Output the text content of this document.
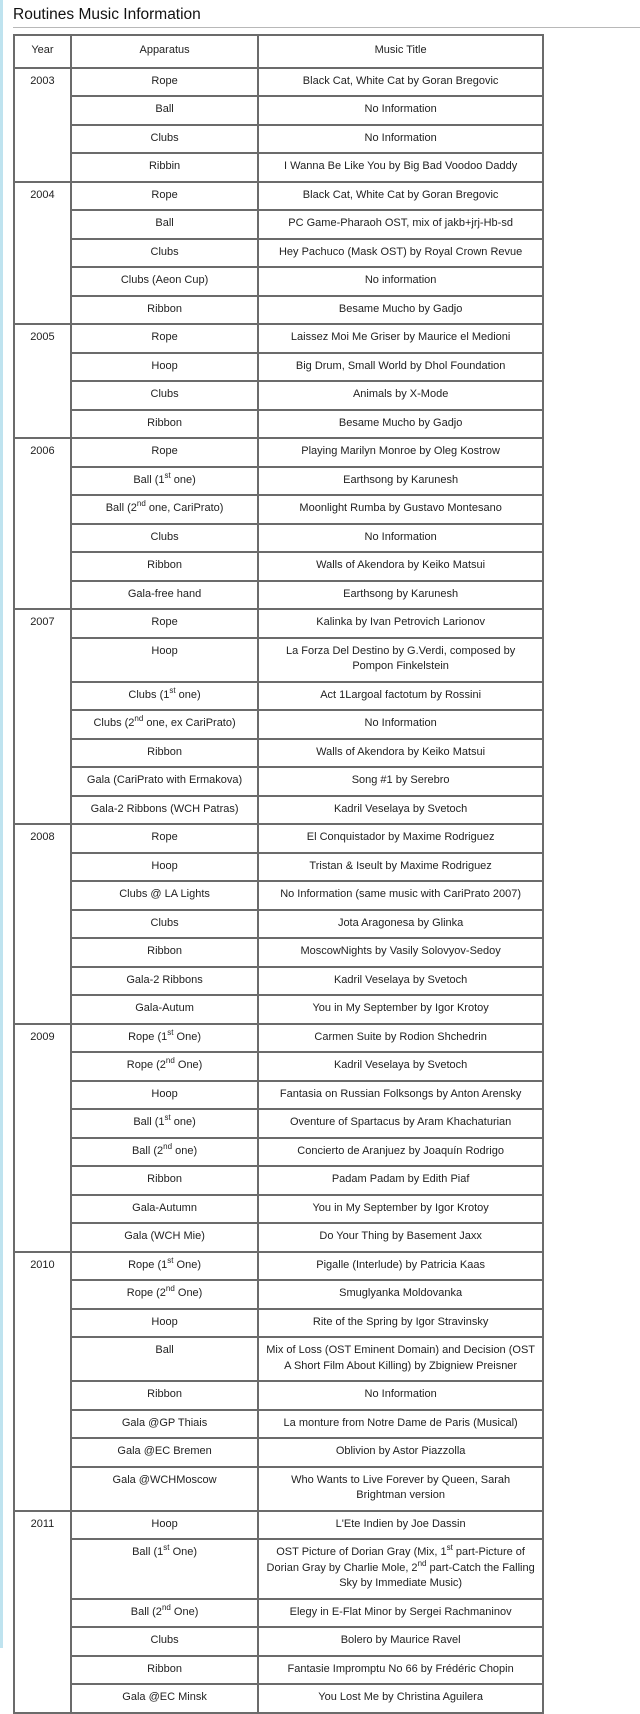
Routines Music Information
Year	Apparatus	Music Title
2003	Rope	Black Cat, White Cat by Goran Bregovic
	Ball	No Information
	Clubs	No Information
	Ribbin	I Wanna Be Like You by Big Bad Voodoo Daddy
2004	Rope	Black Cat, White Cat by Goran Bregovic
	Ball	PC Game-Pharaoh OST, mix of jakb+jrj-Hb-sd
	Clubs	Hey Pachuco (Mask OST) by Royal Crown Revue
	Clubs (Aeon Cup)	No information
	Ribbon	Besame Mucho by Gadjo
2005	Rope	Laissez Moi Me Griser by Maurice el Medioni
	Hoop	Big Drum, Small World by Dhol Foundation
	Clubs	Animals by X-Mode
	Ribbon	Besame Mucho by Gadjo
2006	Rope	Playing Marilyn Monroe by Oleg Kostrow
	Ball (1st one)	Earthsong by Karunesh
	Ball (2nd one, CariPrato)	Moonlight Rumba by Gustavo Montesano
	Clubs	No Information
	Ribbon	Walls of Akendora by Keiko Matsui
	Gala-free hand	Earthsong by Karunesh
2007	Rope	Kalinka by Ivan Petrovich Larionov
	Hoop	La Forza Del Destino by G.Verdi, composed by Pompon Finkelstein
	Clubs (1st one)	Act 1Largoal factotum by Rossini
	Clubs (2nd one, ex CariPrato)	No Information
	Ribbon	Walls of Akendora by Keiko Matsui
	Gala (CariPrato with Ermakova)	Song #1 by Serebro
	Gala-2 Ribbons (WCH Patras)	Kadril Veselaya by Svetoch
2008	Rope	El Conquistador by Maxime Rodriguez
	Hoop	Tristan & Iseult by Maxime Rodriguez
	Clubs @ LA Lights	No Information (same music with CariPrato 2007)
	Clubs	Jota Aragonesa by Glinka
	Ribbon	MoscowNights by Vasily Solovyov-Sedoy
	Gala-2 Ribbons	Kadril Veselaya by Svetoch
	Gala-Autum	You in My September by Igor Krotoy
2009	Rope (1st One)	Carmen Suite by Rodion Shchedrin
	Rope (2nd One)	Kadril Veselaya by Svetoch
	Hoop	Fantasia on Russian Folksongs by Anton Arensky
	Ball (1st one)	Oventure of Spartacus by Aram Khachaturian
	Ball (2nd one)	Concierto de Aranjuez by Joaquín Rodrigo
	Ribbon	Padam Padam by Edith Piaf
	Gala-Autumn	You in My September by Igor Krotoy
	Gala (WCH Mie)	Do Your Thing by Basement Jaxx
2010	Rope (1st One)	Pigalle (Interlude) by Patricia Kaas
	Rope (2nd One)	Smuglyanka Moldovanka
	Hoop	Rite of the Spring by Igor Stravinsky
	Ball	Mix of Loss (OST Eminent Domain) and Decision (OST A Short Film About Killing) by Zbigniew Preisner
	Ribbon	No Information
	Gala @GP Thiais	La monture from Notre Dame de Paris (Musical)
	Gala @EC Bremen	Oblivion by Astor Piazzolla
	Gala @WCHMoscow	Who Wants to Live Forever by Queen, Sarah Brightman version
2011	Hoop	L'Ete Indien by Joe Dassin
	Ball (1st One)	OST Picture of Dorian Gray (Mix, 1st part-Picture of Dorian Gray by Charlie Mole, 2nd part-Catch the Falling Sky by Immediate Music)
	Ball (2nd One)	Elegy in E-Flat Minor by Sergei Rachmaninov
	Clubs	Bolero by Maurice Ravel
	Ribbon	Fantasie Impromptu No 66 by Frédéric Chopin
	Gala @EC Minsk	You Lost Me by Christina Aguilera
